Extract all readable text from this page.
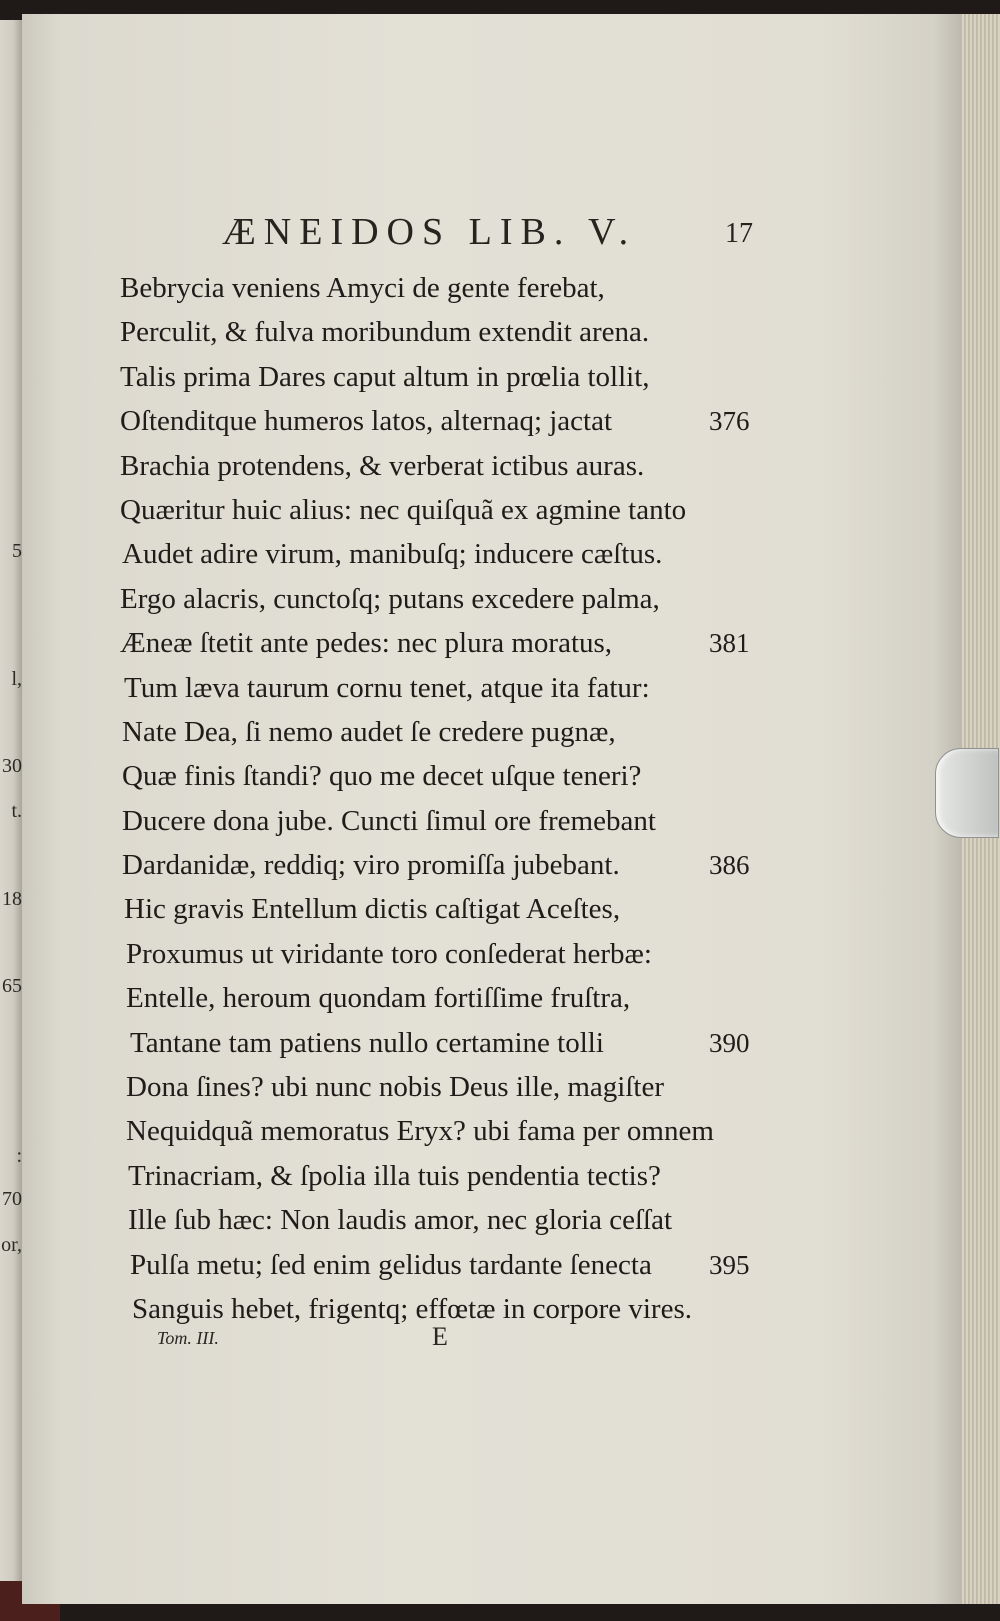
5
l,
30
t.
18
65
:
70
or,
ÆNEIDOS LIB. V.	17
Bebrycia veniens Amyci de gente ferebat,
Perculit, & fulva moribundum extendit arena.
Talis prima Dares caput altum in prœlia tollit,
Oſtenditque humeros latos, alternaq; jactat	376
Brachia protendens, & verberat ictibus auras.
Quæritur huic alius: nec quiſquã ex agmine tanto
Audet adire virum, manibuſq; inducere cæſtus.
Ergo alacris, cunctoſq; putans excedere palma,
Æneæ ſtetit ante pedes: nec plura moratus,	381
Tum læva taurum cornu tenet, atque ita fatur:
Nate Dea, ſi nemo audet ſe credere pugnæ,
Quæ finis ſtandi? quo me decet uſque teneri?
Ducere dona jube. Cuncti ſimul ore fremebant
Dardanidæ, reddiq; viro promiſſa jubebant.	386
Hic gravis Entellum dictis caſtigat Aceſtes,
Proxumus ut viridante toro conſederat herbæ:
Entelle, heroum quondam fortiſſime fruſtra,
Tantane tam patiens nullo certamine tolli	390
Dona ſines? ubi nunc nobis Deus ille, magiſter
Nequidquã memoratus Eryx? ubi fama per omnem
Trinacriam, & ſpolia illa tuis pendentia tectis?
Ille ſub hæc: Non laudis amor, nec gloria ceſſat
Pulſa metu; ſed enim gelidus tardante ſenecta 395
Sanguis hebet, frigentq; effœtæ in corpore vires.
Tom. III.	E
